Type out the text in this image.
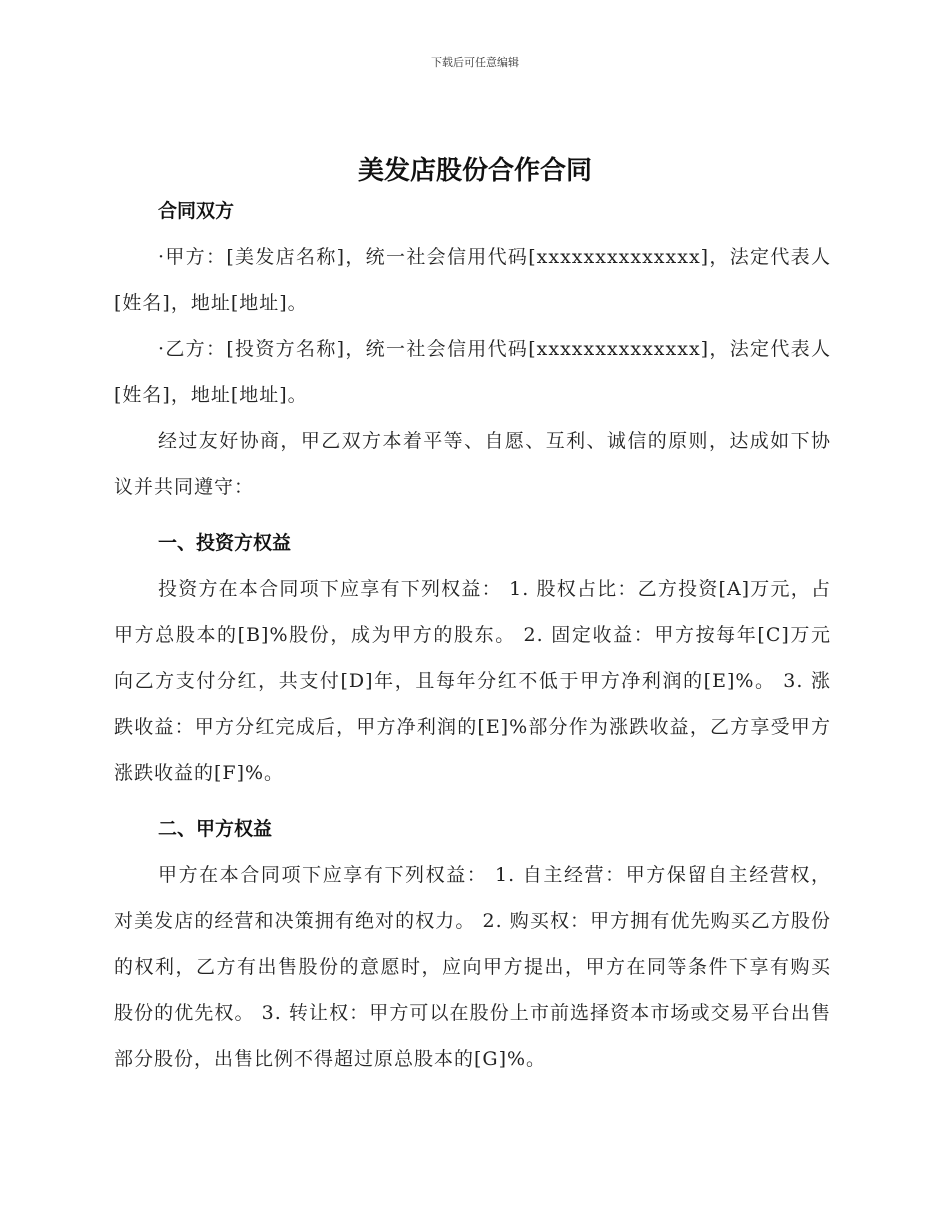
下载后可任意编辑
美发店股份合作合同

合同双方

·甲方：[美发店名称]，统一社会信用代码[xxxxxxxxxxxxxx]，法定代表人[姓名]，地址[地址]。

·乙方：[投资方名称]，统一社会信用代码[xxxxxxxxxxxxxx]，法定代表人[姓名]，地址[地址]。

经过友好协商，甲乙双方本着平等、自愿、互利、诚信的原则，达成如下协议并共同遵守：

一、投资方权益

投资方在本合同项下应享有下列权益： 1. 股权占比：乙方投资[A]万元，占甲方总股本的[B]%股份，成为甲方的股东。 2. 固定收益：甲方按每年[C]万元向乙方支付分红，共支付[D]年，且每年分红不低于甲方净利润的[E]%。 3. 涨跌收益：甲方分红完成后，甲方净利润的[E]%部分作为涨跌收益，乙方享受甲方涨跌收益的[F]%。

二、甲方权益

甲方在本合同项下应享有下列权益： 1. 自主经营：甲方保留自主经营权，对美发店的经营和决策拥有绝对的权力。 2. 购买权：甲方拥有优先购买乙方股份的权利，乙方有出售股份的意愿时，应向甲方提出，甲方在同等条件下享有购买股份的优先权。 3. 转让权：甲方可以在股份上市前选择资本市场或交易平台出售部分股份，出售比例不得超过原总股本的[G]%。
